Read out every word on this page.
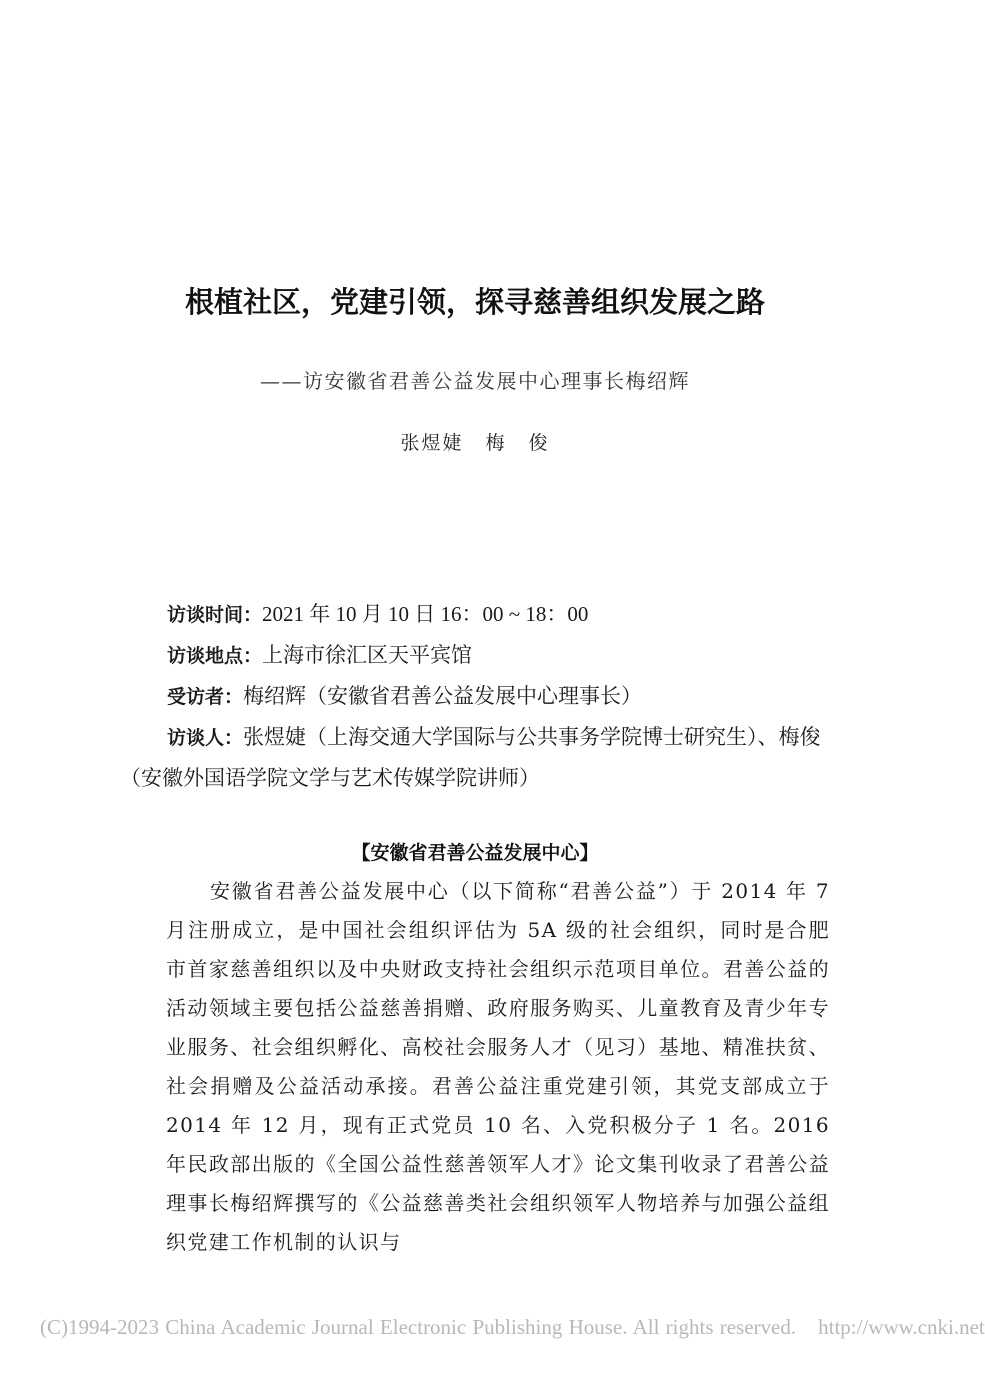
根植社区，党建引领，探寻慈善组织发展之路
——访安徽省君善公益发展中心理事长梅绍辉
张煜婕 梅 俊
访谈时间：2021 年 10 月 10 日 16：00 ~ 18：00
访谈地点：上海市徐汇区天平宾馆
受访者：梅绍辉（安徽省君善公益发展中心理事长）
访谈人：张煜婕（上海交通大学国际与公共事务学院博士研究生）、梅俊（安徽外国语学院文学与艺术传媒学院讲师）
【安徽省君善公益发展中心】

安徽省君善公益发展中心（以下简称“君善公益”）于 2014 年 7 月注册成立，是中国社会组织评估为 5A 级的社会组织，同时是合肥市首家慈善组织以及中央财政支持社会组织示范项目单位。君善公益的活动领域主要包括公益慈善捐赠、政府服务购买、儿童教育及青少年专业服务、社会组织孵化、高校社会服务人才（见习）基地、精准扶贫、社会捐赠及公益活动承接。君善公益注重党建引领，其党支部成立于 2014 年 12 月，现有正式党员 10 名、入党积极分子 1 名。2016 年民政部出版的《全国公益性慈善领军人才》论文集刊收录了君善公益理事长梅绍辉撰写的《公益慈善类社会组织领军人物培养与加强公益组织党建工作机制的认识与

(C)1994-2023 China Academic Journal Electronic Publishing House. All rights reserved. http://www.cnki.net
